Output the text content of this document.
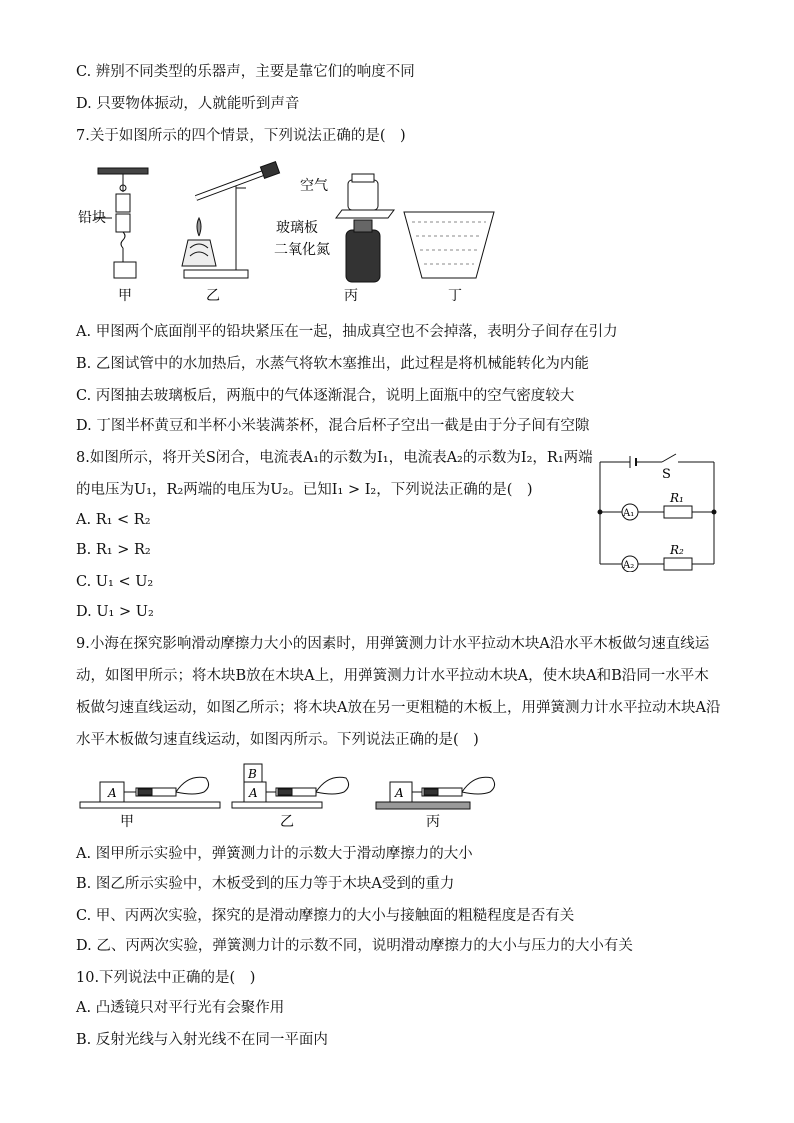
C. 辨别不同类型的乐器声，主要是靠它们的响度不同
D. 只要物体振动，人就能听到声音
7.关于如图所示的四个情景，下列说法正确的是(　)
铅块
甲	乙
空气
玻璃板
二氧化氮
丙	丁
A. 甲图两个底面削平的铅块紧压在一起，抽成真空也不会掉落，表明分子间存在引力
B. 乙图试管中的水加热后，水蒸气将软木塞推出，此过程是将机械能转化为内能
C. 丙图抽去玻璃板后，两瓶中的气体逐渐混合，说明上面瓶中的空气密度较大
D. 丁图半杯黄豆和半杯小米装满茶杯，混合后杯子空出一截是由于分子间有空隙
8.如图所示，将开关S闭合，电流表A₁的示数为I₁，电流表A₂的示数为I₂，R₁两端
的电压为U₁，R₂两端的电压为U₂。已知I₁ > I₂，下列说法正确的是(　)
A. R₁ < R₂
B. R₁ > R₂
C. U₁ < U₂
D. U₁ > U₂
S
R₁
R₂
A₁
A₂
9.小海在探究影响滑动摩擦力大小的因素时，用弹簧测力计水平拉动木块A沿水平木板做匀速直线运
动，如图甲所示；将木块B放在木块A上，用弹簧测力计水平拉动木块A，使木块A和B沿同一水平木
板做匀速直线运动，如图乙所示；将木块A放在另一更粗糙的木板上，用弹簧测力计水平拉动木块A沿
水平木板做匀速直线运动，如图丙所示。下列说法正确的是(　)
A	A
B
A
甲	乙	丙
A. 图甲所示实验中，弹簧测力计的示数大于滑动摩擦力的大小
B. 图乙所示实验中，木板受到的压力等于木块A受到的重力
C. 甲、丙两次实验，探究的是滑动摩擦力的大小与接触面的粗糙程度是否有关
D. 乙、丙两次实验，弹簧测力计的示数不同，说明滑动摩擦力的大小与压力的大小有关
10.下列说法中正确的是(　)
A. 凸透镜只对平行光有会聚作用
B. 反射光线与入射光线不在同一平面内
